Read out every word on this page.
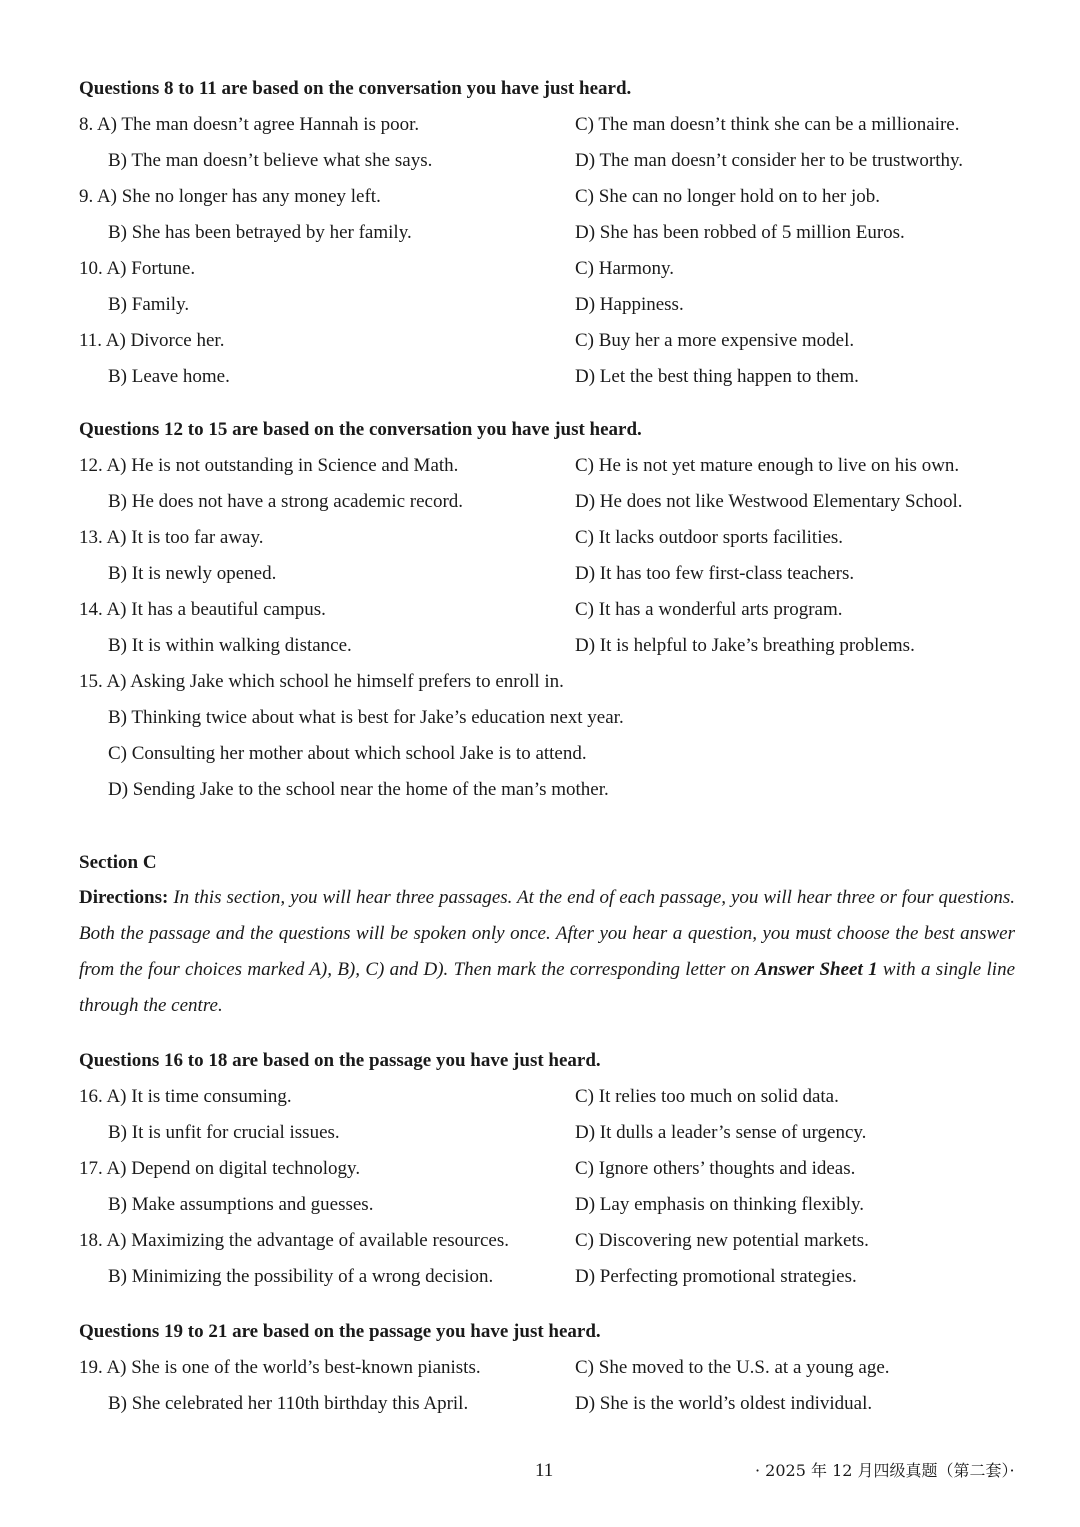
Questions 8 to 11 are based on the conversation you have just heard.
8. A) The man doesn’t agree Hannah is poor.	C) The man doesn’t think she can be a millionaire.
B) The man doesn’t believe what she says.	D) The man doesn’t consider her to be trustworthy.
9. A) She no longer has any money left.	C) She can no longer hold on to her job.
B) She has been betrayed by her family.	D) She has been robbed of 5 million Euros.
10. A) Fortune.	C) Harmony.
B) Family.	D) Happiness.
11. A) Divorce her.	C) Buy her a more expensive model.
B) Leave home.	D) Let the best thing happen to them.
Questions 12 to 15 are based on the conversation you have just heard.
12. A) He is not outstanding in Science and Math.	C) He is not yet mature enough to live on his own.
B) He does not have a strong academic record.	D) He does not like Westwood Elementary School.
13. A) It is too far away.	C) It lacks outdoor sports facilities.
B) It is newly opened.	D) It has too few first-class teachers.
14. A) It has a beautiful campus.	C) It has a wonderful arts program.
B) It is within walking distance.	D) It is helpful to Jake’s breathing problems.
15. A) Asking Jake which school he himself prefers to enroll in.
B) Thinking twice about what is best for Jake’s education next year.
C) Consulting her mother about which school Jake is to attend.
D) Sending Jake to the school near the home of the man’s mother.
Section C
Directions: In this section, you will hear three passages. At the end of each passage, you will hear three or four questions. Both the passage and the questions will be spoken only once. After you hear a question, you must choose the best answer from the four choices marked A), B), C) and D). Then mark the corresponding letter on Answer Sheet 1 with a single line through the centre.
Questions 16 to 18 are based on the passage you have just heard.
16. A) It is time consuming.	C) It relies too much on solid data.
B) It is unfit for crucial issues.	D) It dulls a leader’s sense of urgency.
17. A) Depend on digital technology.	C) Ignore others’ thoughts and ideas.
B) Make assumptions and guesses.	D) Lay emphasis on thinking flexibly.
18. A) Maximizing the advantage of available resources.	C) Discovering new potential markets.
B) Minimizing the possibility of a wrong decision.	D) Perfecting promotional strategies.
Questions 19 to 21 are based on the passage you have just heard.
19. A) She is one of the world’s best-known pianists.	C) She moved to the U.S. at a young age.
B) She celebrated her 110th birthday this April.	D) She is the world’s oldest individual.
11	· 2025 年 12 月四级真题（第二套）·
